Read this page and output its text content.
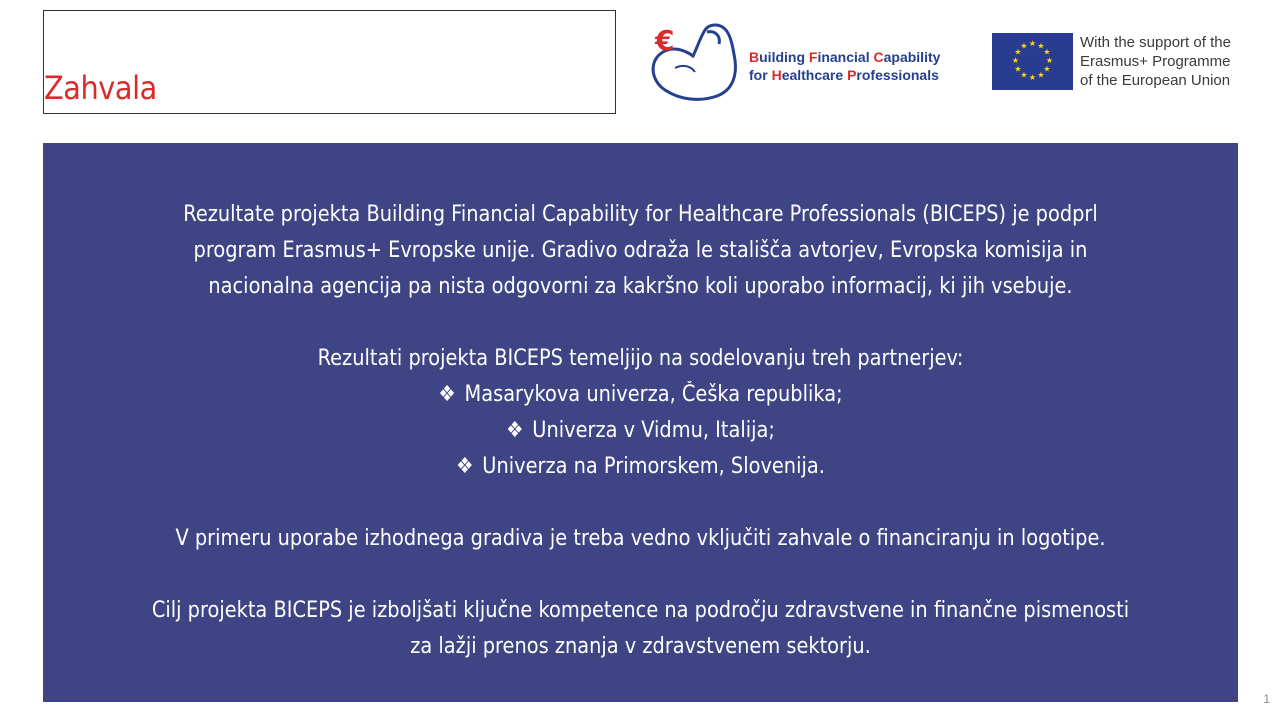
Zahvala
€	Building Financial Capability
for Healthcare Professionals
★ ★
★
★
★
★
★
★
★
★
★
★	With the support of the
Erasmus+ Programme
of the European Union
Rezultate projekta Building Financial Capability for Healthcare Professionals (BICEPS) je podprl
program Erasmus+ Evropske unije. Gradivo odraža le stališča avtorjev, Evropska komisija in
nacionalna agencija pa nista odgovorni za kakršno koli uporabo informacij, ki jih vsebuje.
Rezultati projekta BICEPS temeljijo na sodelovanju treh partnerjev:
❖ Masarykova univerza, Češka republika;
❖ Univerza v Vidmu, Italija;
❖ Univerza na Primorskem, Slovenija.
V primeru uporabe izhodnega gradiva je treba vedno vključiti zahvale o financiranju in logotipe.
Cilj projekta BICEPS je izboljšati ključne kompetence na področju zdravstvene in finančne pismenosti
za lažji prenos znanja v zdravstvenem sektorju.
1
